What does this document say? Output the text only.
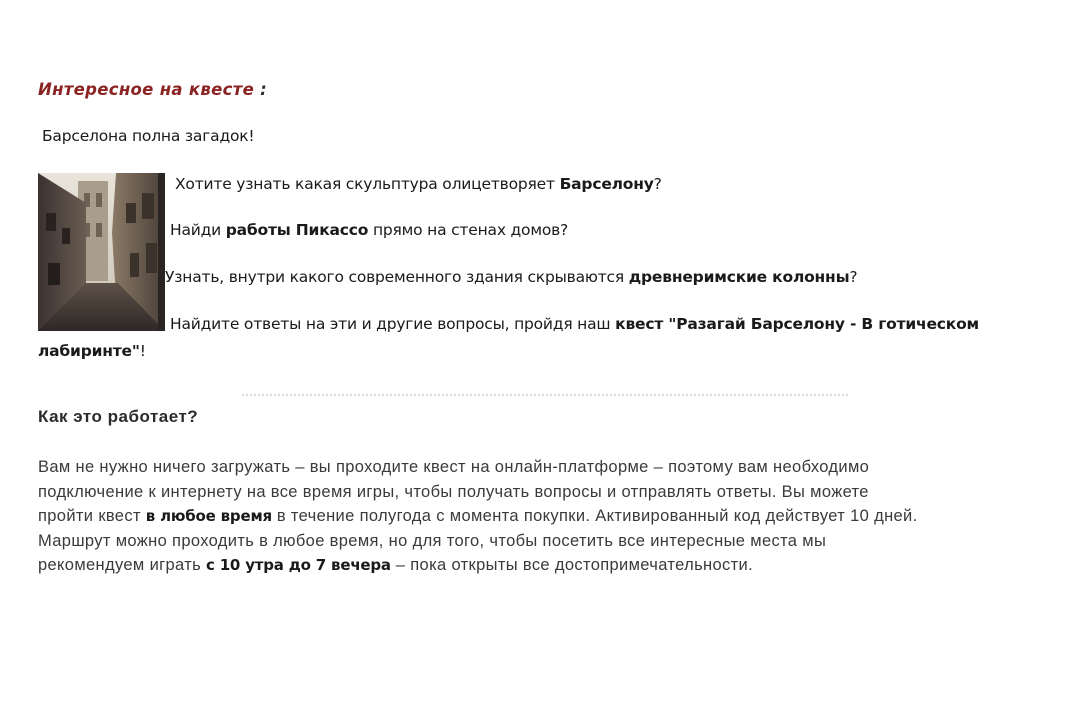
Интересное на квесте :

Барселона полна загадок!

Хотите узнать какая скульптура олицетворяет Барселону?

Найди работы Пикассо прямо на стенах домов?

Узнать, внутри какого современного здания скрываются древнеримские колонны?

Найдите ответы на эти и другие вопросы, пройдя наш квест "Разагай Барселону - В готическом

лабиринте"!

Как это работает?

Вам не нужно ничего загружать – вы проходите квест на онлайн-платформе – поэтому вам необходимо
подключение к интернету на все время игры, чтобы получать вопросы и отправлять ответы. Вы можете
пройти квест в любое время в течение полугода с момента покупки. Активированный код действует 10 дней.
Маршрут можно проходить в любое время, но для того, чтобы посетить все интересные места мы
рекомендуем играть с 10 утра до 7 вечера – пока открыты все достопримечательности.
